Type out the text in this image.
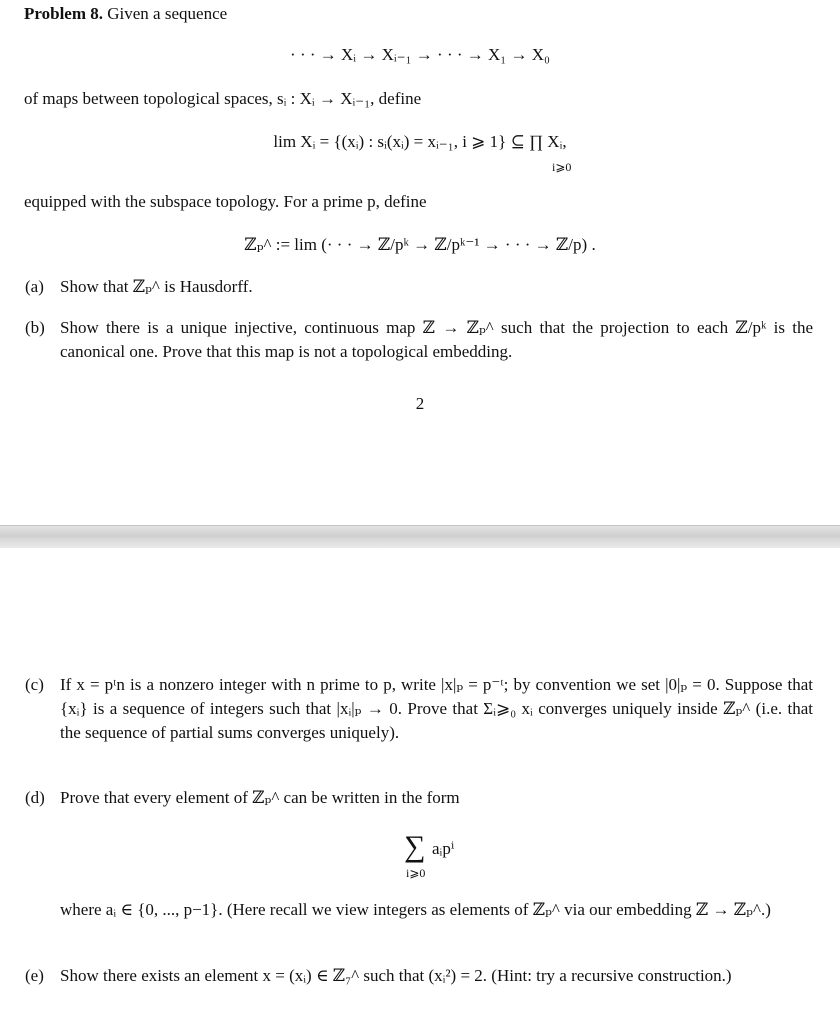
Problem 8. Given a sequence
· · · → Xᵢ → Xᵢ₋₁ → · · · → X₁ → X₀
of maps between topological spaces, sᵢ : Xᵢ → Xᵢ₋₁, define
lim Xᵢ = {(xᵢ) : sᵢ(xᵢ) = xᵢ₋₁, i ⩾ 1} ⊆ ∏ Xᵢ,
i⩾0
equipped with the subspace topology. For a prime p, define
ℤₚ^ := lim (· · · → ℤ/pᵏ → ℤ/pᵏ⁻¹ → · · · → ℤ/p) .
(a) Show that ℤₚ^ is Hausdorff.
(b) Show there is a unique injective, continuous map ℤ → ℤₚ^ such that the projection to each ℤ/pᵏ is the canonical one. Prove that this map is not a topological embedding.
2
(c) If x = pᵗn is a nonzero integer with n prime to p, write |x|ₚ = p⁻ᵗ; by convention we set |0|ₚ = 0. Suppose that {xᵢ} is a sequence of integers such that |xᵢ|ₚ → 0. Prove that Σᵢ⩾₀ xᵢ converges uniquely inside ℤₚ^ (i.e. that the sequence of partial sums converges uniquely).
(d) Prove that every element of ℤₚ^ can be written in the form
∑ aᵢpⁱ
i⩾0
where aᵢ ∈ {0, ..., p−1}. (Here recall we view integers as elements of ℤₚ^ via our embedding ℤ → ℤₚ^.)
(e) Show there exists an element x = (xᵢ) ∈ ℤ₇^ such that (xᵢ²) = 2. (Hint: try a recursive construction.)
